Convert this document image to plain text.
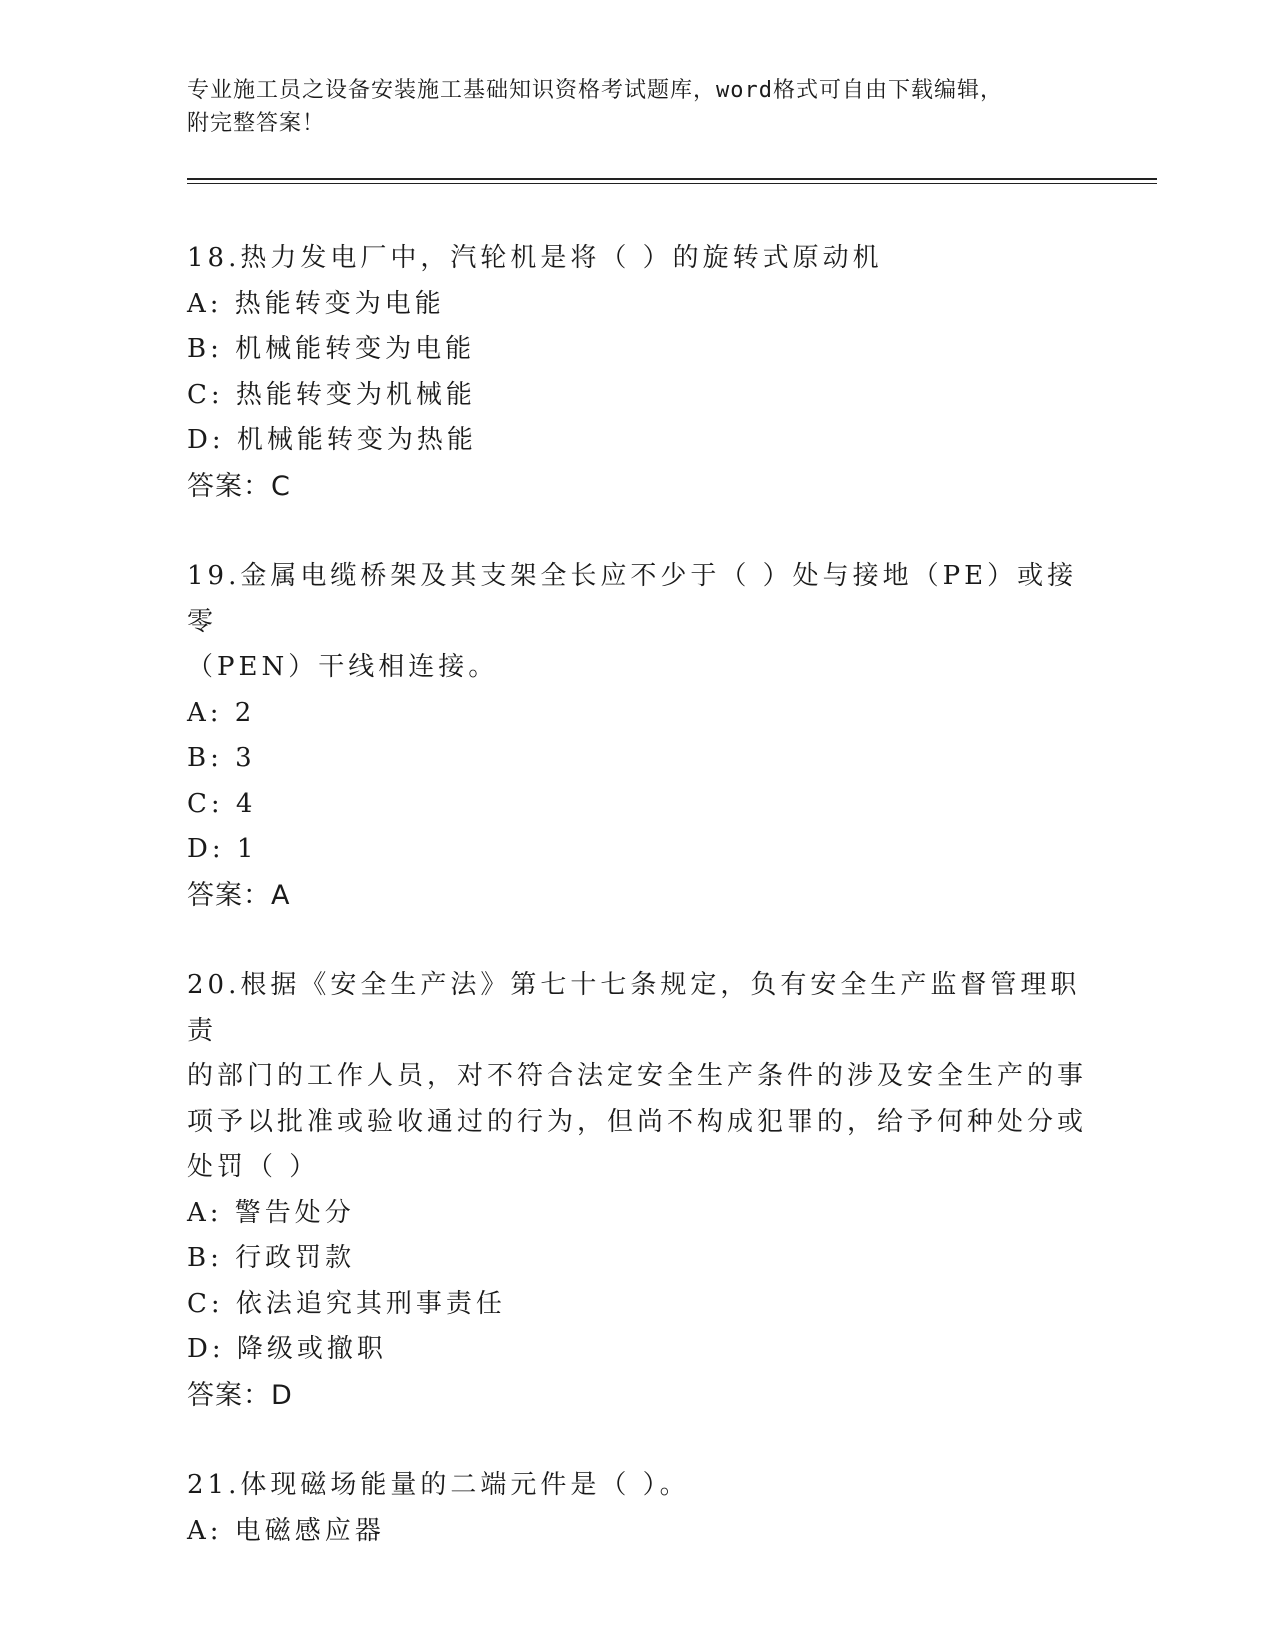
专业施工员之设备安装施工基础知识资格考试题库，word格式可自由下载编辑，
附完整答案！
18.热力发电厂中，汽轮机是将（ ）的旋转式原动机
A: 热能转变为电能
B: 机械能转变为电能
C: 热能转变为机械能
D: 机械能转变为热能
答案：C
19.金属电缆桥架及其支架全长应不少于（ ）处与接地（PE）或接零
（PEN）干线相连接。
A: 2
B: 3
C: 4
D: 1
答案：A
20.根据《安全生产法》第七十七条规定，负有安全生产监督管理职责
的部门的工作人员，对不符合法定安全生产条件的涉及安全生产的事
项予以批准或验收通过的行为，但尚不构成犯罪的，给予何种处分或
处罚（ ）
A: 警告处分
B: 行政罚款
C: 依法追究其刑事责任
D: 降级或撤职
答案：D
21.体现磁场能量的二端元件是（ ）。
A: 电磁感应器
